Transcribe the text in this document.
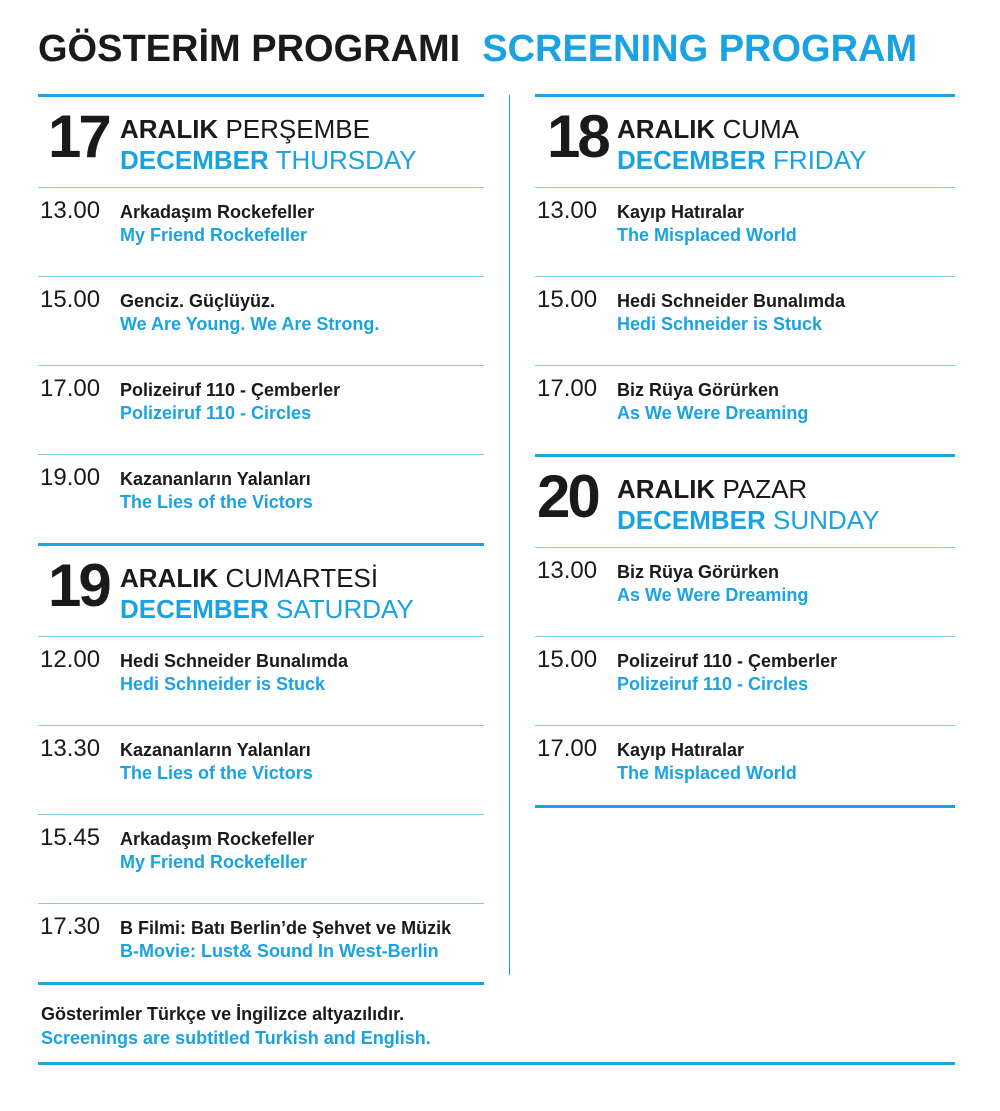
GÖSTERİM PROGRAMI SCREENING PROGRAM
17 ARALIK PERŞEMBE
DECEMBER THURSDAY
13.00 Arkadaşım Rockefeller
My Friend Rockefeller
15.00 Genciz. Güçlüyüz.
We Are Young. We Are Strong.
17.00 Polizeiruf 110 - Çemberler
Polizeiruf 110 - Circles
19.00 Kazananların Yalanları
The Lies of the Victors
19 ARALIK CUMARTESİ
DECEMBER SATURDAY
12.00 Hedi Schneider Bunalımda
Hedi Schneider is Stuck
13.30 Kazananların Yalanları
The Lies of the Victors
15.45 Arkadaşım Rockefeller
My Friend Rockefeller
17.30 B Filmi: Batı Berlin’de Şehvet ve Müzik
B-Movie: Lust& Sound In West-Berlin
18 ARALIK CUMA
DECEMBER FRIDAY
13.00 Kayıp Hatıralar
The Misplaced World
15.00 Hedi Schneider Bunalımda
Hedi Schneider is Stuck
17.00 Biz Rüya Görürken
As We Were Dreaming
20 ARALIK PAZAR
DECEMBER SUNDAY
13.00 Biz Rüya Görürken
As We Were Dreaming
15.00 Polizeiruf 110 - Çemberler
Polizeiruf 110 - Circles
17.00 Kayıp Hatıralar
The Misplaced World
Gösterimler Türkçe ve İngilizce altyazılıdır.
Screenings are subtitled Turkish and English.
